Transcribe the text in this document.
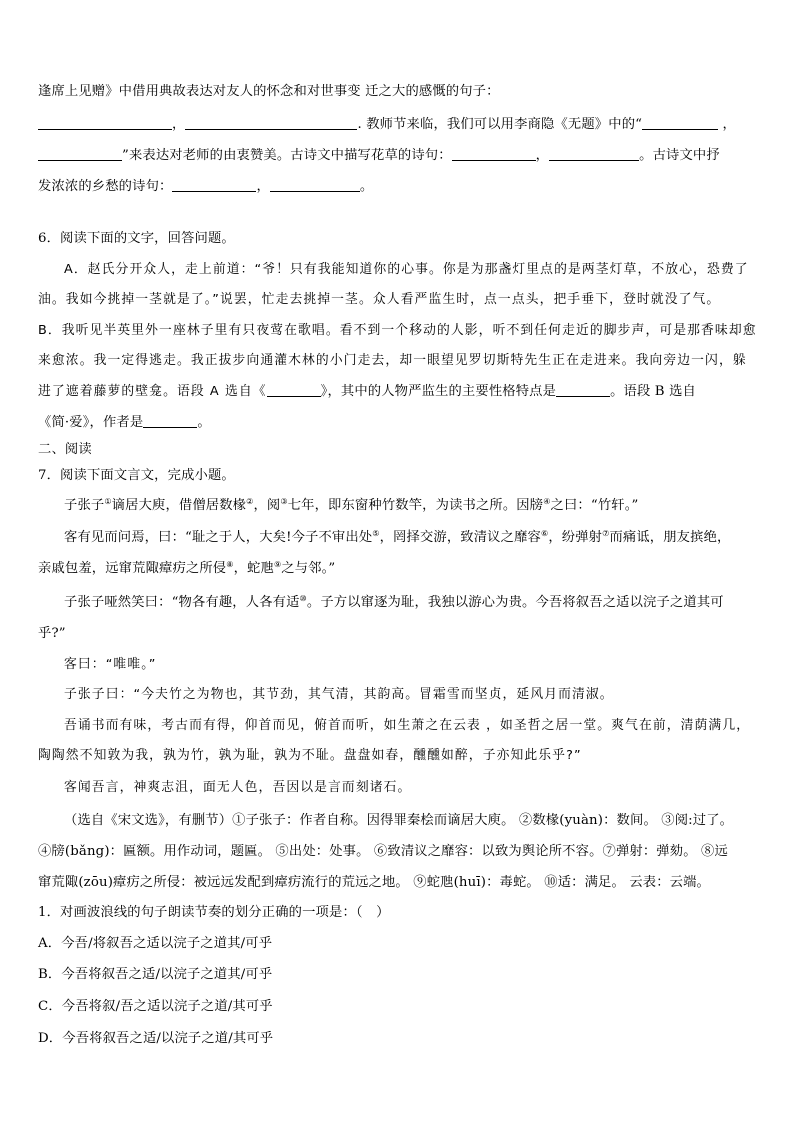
逢席上见赠》中借用典故表达对友人的怀念和对世事变 迁之大的感慨的句子：
，	. 教师节来临，我们可以用李商隐《无题》中的“	，
”来表达对老师的由衷赞美。古诗文中描写花草的诗句：	，	。古诗文中抒
发浓浓的乡愁的诗句：	，	。
6．阅读下面的文字，回答问题。
A．赵氏分开众人，走上前道：“爷！只有我能知道你的心事。你是为那盏灯里点的是两茎灯草，不放心，恐费了
油。我如今挑掉一茎就是了。”说罢，忙走去挑掉一茎。众人看严监生时，点一点头，把手垂下，登时就没了气。
B．我听见半英里外一座林子里有只夜莺在歌唱。看不到一个移动的人影，听不到任何走近的脚步声，可是那香味却愈
来愈浓。我一定得逃走。我正拔步向通灌木林的小门走去，却一眼望见罗切斯特先生正在走进来。我向旁边一闪，躲
进了遮着藤萝的壁龛。语段 A 选自《	》，其中的人物严监生的主要性格特点是	。语段 B 选自
《简·爱》，作者是	。
二、阅读
7．阅读下面文言文，完成小题。
子张子①谪居大庾，借僧居数椽②，阅③七年，即东窗种竹数竿，为读书之所。因牓④之曰：“竹轩。”
客有见而问焉，曰：“耻之于人，大矣!今子不审出处⑤，罔择交游，致清议之靡容⑥，纷弹射⑦而痛诋，朋友摈绝，
亲戚包羞，远窜荒陬瘴疠之所侵⑧，蛇虺⑨之与邻。”
子张子哑然笑曰：“物各有趣，人各有适⑩。子方以窜逐为耻，我独以游心为贵。今吾将叙吾之适以浣子之道其可
乎?”
客曰：“唯唯。”
子张子曰：“今夫竹之为物也，其节劲，其气清，其韵高。冒霜雪而坚贞，延风月而清淑。
吾诵书而有味，考古而有得，仰首而见，俯首而听，如生萧之在云表 ，如圣哲之居一堂。爽气在前，清荫满几，
陶陶然不知敦为我，孰为竹，孰为耻，孰为不耻。盘盘如春，醺醺如醉，子亦知此乐乎?”
客闻吾言，神爽志沮，面无人色，吾因以是言而刻诸石。
（选自《宋文选》，有删节）①子张子：作者自称。因得罪秦桧而谪居大庾。 ②数椽(yuàn)：数间。 ③阅:过了。
④牓(bǎng)：匾额。用作动词，题匾。 ⑤出处：处事。 ⑥致清议之靡容：以致为舆论所不容。⑦弹射：弹劾。 ⑧远
窜荒陬(zōu)瘴疠之所侵：被远远发配到瘴疠流行的荒远之地。 ⑨蛇虺(huī)：毒蛇。 ⑩适：满足。 云表：云端。
1．对画波浪线的句子朗读节奏的划分正确的一项是：（　）
A．今吾/将叙吾之适以浣子之道其/可乎
B．今吾将叙吾之适/以浣子之道其/可乎
C．今吾将叙/吾之适以浣子之道/其可乎
D．今吾将叙吾之适/以浣子之道/其可乎
